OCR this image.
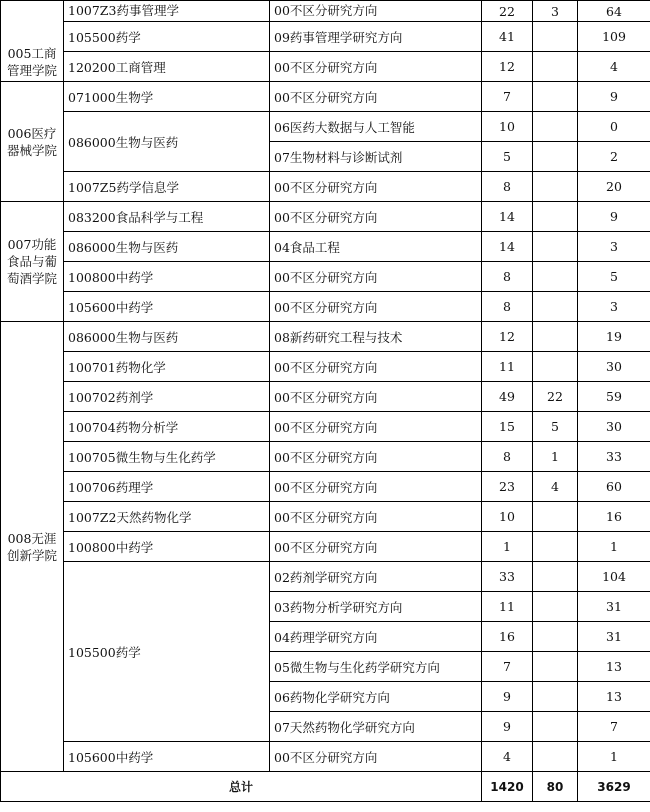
005工商管理学院	1007Z3药事管理学	00不区分研究方向	22	3	64
	105500药学	09药事管理学研究方向	41		109
	120200工商管理	00不区分研究方向	12		4
006医疗器械学院	071000生物学	00不区分研究方向	7		9
	086000生物与医药	06医药大数据与人工智能	10		0
		07生物材料与诊断试剂	5		2
	1007Z5药学信息学	00不区分研究方向	8		20
007功能食品与葡萄酒学院	083200食品科学与工程	00不区分研究方向	14		9
	086000生物与医药	04食品工程	14		3
	100800中药学	00不区分研究方向	8		5
	105600中药学	00不区分研究方向	8		3
008无涯创新学院	086000生物与医药	08新药研究工程与技术	12		19
	100701药物化学	00不区分研究方向	11		30
	100702药剂学	00不区分研究方向	49	22	59
	100704药物分析学	00不区分研究方向	15	5	30
	100705微生物与生化药学	00不区分研究方向	8	1	33
	100706药理学	00不区分研究方向	23	4	60
	1007Z2天然药物化学	00不区分研究方向	10		16
	100800中药学	00不区分研究方向	1		1
	105500药学	02药剂学研究方向	33		104
		03药物分析学研究方向	11		31
		04药理学研究方向	16		31
		05微生物与生化药学研究方向	7		13
		06药物化学研究方向	9		13
		07天然药物化学研究方向	9		7
	105600中药学	00不区分研究方向	4		1
总计			1420	80	3629
